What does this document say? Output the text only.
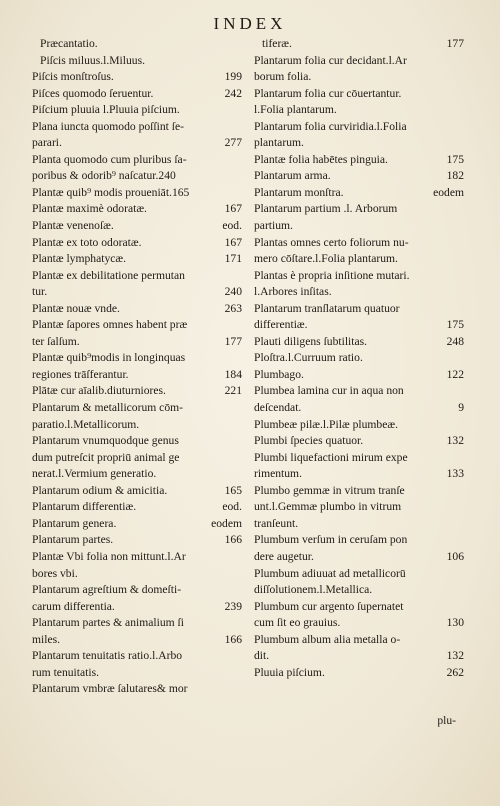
INDEX
Præcantatio.
Piſcis miluus.l.Miluus.
Piſcis monſtroſus.	199
Piſces quomodo ſeruentur.	242
Piſcium pluuia l.Pluuia piſcium.
Plana iuncta quomodo poſſint ſe-
parari.	277
Planta quomodo cum pluribus ſa-
poribus & odorib⁹ naſcatur.240
Plantæ quib⁹ modis proueniāt.165
Plantæ maximè odoratæ.	167
Plantæ venenoſæ.	eod.
Plantæ ex toto odoratæ.	167
Plantæ lymphatycæ.	171
Plantæ ex debilitatione permutan
tur.	240
Plantæ nouæ vnde.	263
Plantæ ſapores omnes habent præ
ter ſalſum.	177
Plantæ quib⁹modis in longinquas
regiones trāſferantur.	184
Plātæ cur aīalib.diuturniores.	221
Plantarum & metallicorum cōm-
paratio.l.Metallicorum.
Plantarum vnumquodque genus
dum putreſcit propriū animal ge
nerat.l.Vermium generatio.
Plantarum odium & amicitia.	165
Plantarum differentiæ.	eod.
Plantarum genera.	eodem
Plantarum partes.	166
Plantæ Vbi folia non mittunt.l.Ar
bores vbi.
Plantarum agreſtium & domeſti-
carum differentia.	239
Plantarum partes & animalium ſi
miles.	166
Plantarum tenuitatis ratio.l.Arbo
rum tenuitatis.
Plantarum vmbræ ſalutares& mor
tiferæ.	177
Plantarum folia cur decidant.l.Ar
borum folia.
Plantarum folia cur cōuertantur.
l.Folia plantarum.
Plantarum folia curviridia.l.Folia
plantarum.
Plantæ folia habētes pinguia.	175
Plantarum arma.	182
Plantarum monſtra.	eodem
Plantarum partium .l. Arborum
partium.
Plantas omnes certo foliorum nu-
mero cōſtare.l.Folia plantarum.
Plantas è propria inſitione mutari.
l.Arbores inſitas.
Plantarum tranſlatarum quatuor
differentiæ.	175
Plauti diligens ſubtilitas.	248
Ploſtra.l.Curruum ratio.
Plumbago.	122
Plumbea lamina cur in aqua non
deſcendat.	9
Plumbeæ pilæ.l.Pilæ plumbeæ.
Plumbi ſpecies quatuor.	132
Plumbi liquefactioni mirum expe
rimentum.	133
Plumbo gemmæ in vitrum tranſe
unt.l.Gemmæ plumbo in vitrum
tranſeunt.
Plumbum verſum in ceruſam pon
dere augetur.	106
Plumbum adiuuat ad metallicorū
diſſolutionem.l.Metallica.
Plumbum cur argento ſupernatet
cum ſit eo grauius.	130
Plumbum album alia metalla o-
dit.	132
Pluuia piſcium.	262
plu-
